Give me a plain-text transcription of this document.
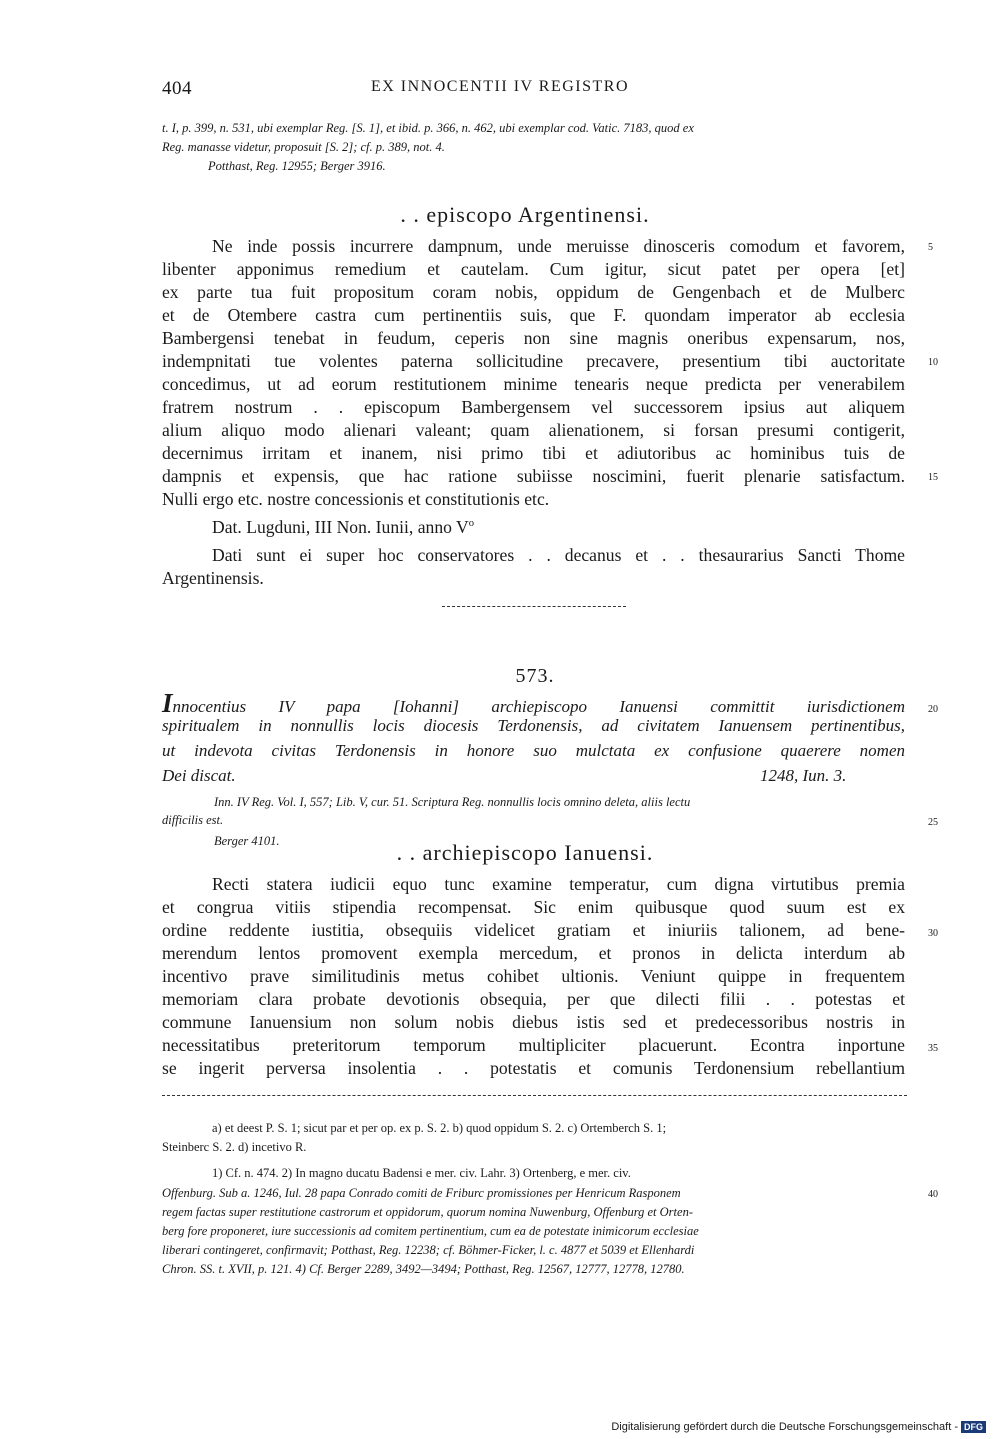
404	EX INNOCENTII IV REGISTRO
t. I, p. 399, n. 531, ubi exemplar Reg. [S. 1], et ibid. p. 366, n. 462, ubi exemplar cod. Vatic. 7183, quod ex
Reg. manasse videtur, proposuit [S. 2]; cf. p. 389, not. 4.
Potthast, Reg. 12955; Berger 3916.
. . episcopo Argentinensi.
Ne inde possis incurrere dampnum, unde meruisse dinosceris comodum et favorem,
libenter apponimus remedium et cautelam. Cum igitur, sicut patet per opera [et]
ex parte tua fuit propositum coram nobis, oppidum de Gengenbach et de Mulberc
et de Otembere castra cum pertinentiis suis, que F. quondam imperator ab ecclesia
Bambergensi tenebat in feudum, ceperis non sine magnis oneribus expensarum, nos,
indempnitati tue volentes paterna sollicitudine precavere, presentium tibi auctoritate
concedimus, ut ad eorum restitutionem minime tenearis neque predicta per venerabilem
fratrem nostrum . . episcopum Bambergensem vel successorem ipsius aut aliquem
alium aliquo modo alienari valeant; quam alienationem, si forsan presumi contigerit,
decernimus irritam et inanem, nisi primo tibi et adiutoribus ac hominibus tuis de
dampnis et expensis, que hac ratione subiisse noscimini, fuerit plenarie satisfactum.
Nulli ergo etc. nostre concessionis et constitutionis etc.
Dat. Lugduni, III Non. Iunii, anno $V^o$
Dati sunt ei super hoc conservatores . . decanus et . . thesaurarius Sancti Thome
Argentinensis.
573.
Innocentius IV papa [Iohanni] archiepiscopo Ianuensi committit iurisdictionem
spiritualem in nonnullis locis diocesis Terdonensis, ad civitatem Ianuensem pertinentibus,
ut indevota civitas Terdonensis in honore suo mulctata ex confusione quaerere nomen
Dei discat.	1248, Iun. 3.
Inn. IV Reg. Vol. I, 557; Lib. V, cur. 51. Scriptura Reg. nonnullis locis omnino deleta, aliis lectu
difficilis est.
Berger 4101.	. . archiepiscopo Ianuensi.
Recti statera iudicii equo tunc examine temperatur, cum digna virtutibus premia
et congrua vitiis stipendia recompensat. Sic enim quibusque quod suum est ex
ordine reddente iustitia, obsequiis videlicet gratiam et iniuriis talionem, ad bene-
merendum lentos promovent exempla mercedum, et pronos in delicta interdum ab
incentivo prave similitudinis metus cohibet ultionis. Veniunt quippe in frequentem
memoriam clara probate devotionis obsequia, per que dilecti filii . . potestas et
commune Ianuensium non solum nobis diebus istis sed et predecessoribus nostris in
necessitatibus preteritorum temporum multipliciter placuerunt. Econtra inportune
se ingerit perversa insolentia . . potestatis et comunis Terdonensium rebellantium
5
10
15
20
25
30
35
40
a) et deest P. S. 1; sicut par et per op. ex p. S. 2. b) quod oppidum S. 2. c) Ortemberch S. 1;
Steinberc S. 2. d) incetivo R.
1) Cf. n. 474. 2) In magno ducatu Badensi e mer. civ. Lahr. 3) Ortenberg, e mer. civ.
Offenburg. Sub a. 1246, Iul. 28 papa Conrado comiti de Friburc promissiones per Henricum Rasponem
regem factas super restitutione castrorum et oppidorum, quorum nomina Nuwenburg, Offenburg et Orten-
berg fore proponeret, iure successionis ad comitem pertinentium, cum ea de potestate inimicorum ecclesiae
liberari contingeret, confirmavit; Potthast, Reg. 12238; cf. Böhmer-Ficker, l. c. 4877 et 5039 et Ellenhardi
Chron. SS. t. XVII, p. 121. 4) Cf. Berger 2289, 3492—3494; Potthast, Reg. 12567, 12777, 12778, 12780.
Digitalisierung gefördert durch die Deutsche Forschungsgemeinschaft - DFG
